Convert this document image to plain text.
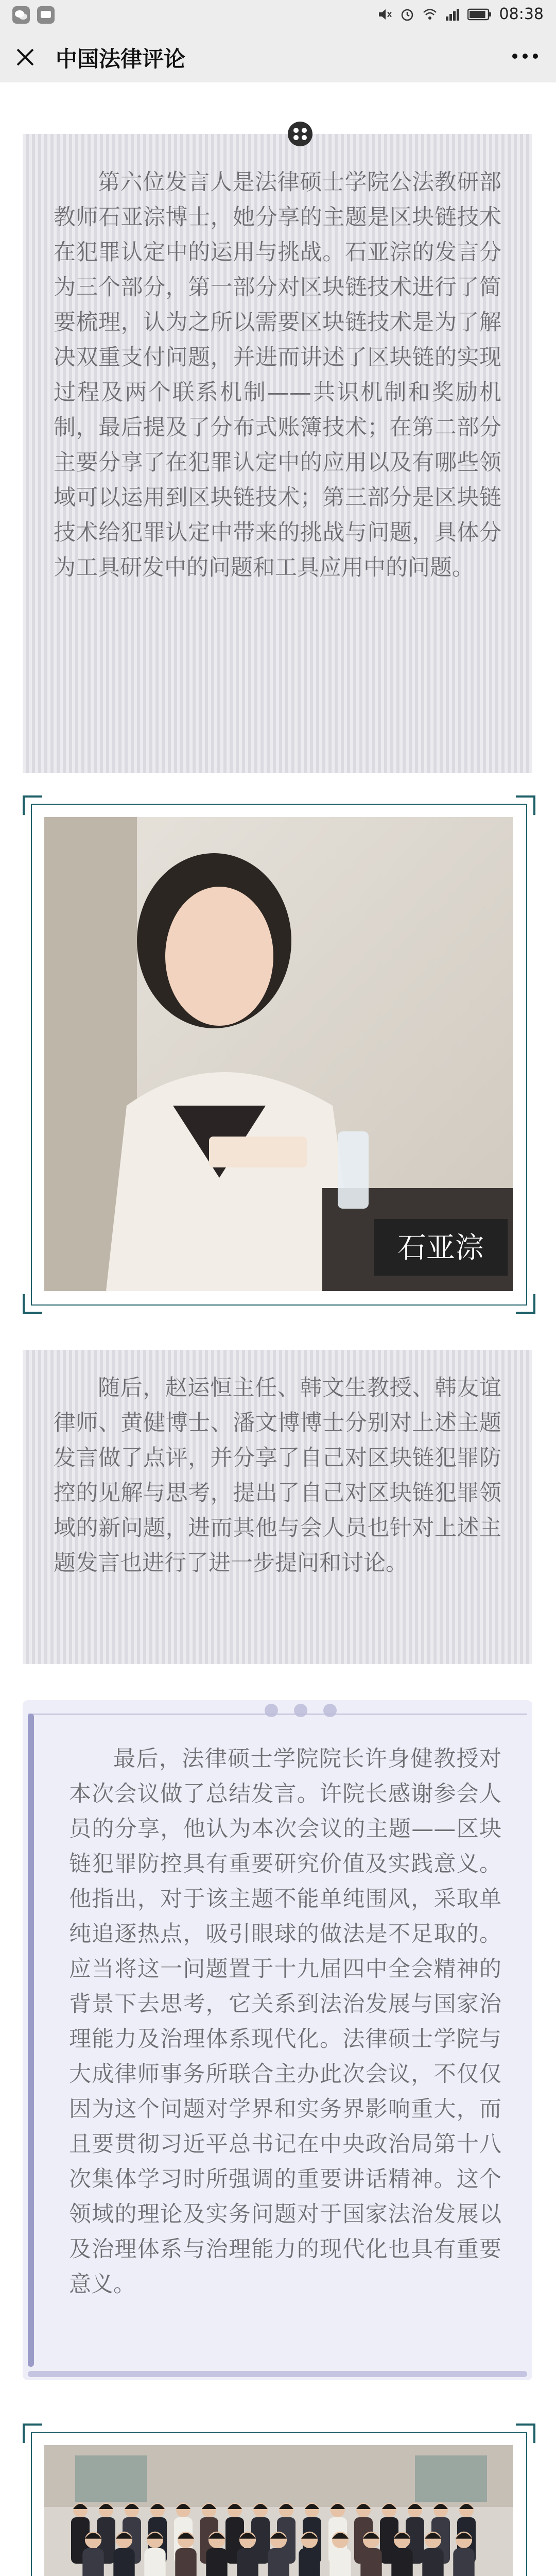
08:38
中国法律评论

第六位发言人是法律硕士学院公法教研部教师石亚淙博士，她分享的主题是区块链技术在犯罪认定中的运用与挑战。石亚淙的发言分为三个部分，第一部分对区块链技术进行了简要梳理，认为之所以需要区块链技术是为了解决双重支付问题，并进而讲述了区块链的实现过程及两个联系机制——共识机制和奖励机制，最后提及了分布式账簿技术；在第二部分主要分享了在犯罪认定中的应用以及有哪些领域可以运用到区块链技术；第三部分是区块链技术给犯罪认定中带来的挑战与问题，具体分为工具研发中的问题和工具应用中的问题。

石亚淙

随后，赵运恒主任、韩文生教授、韩友谊律师、黄健博士、潘文博博士分别对上述主题发言做了点评，并分享了自己对区块链犯罪防控的见解与思考，提出了自己对区块链犯罪领域的新问题，进而其他与会人员也针对上述主题发言也进行了进一步提问和讨论。

最后，法律硕士学院院长许身健教授对本次会议做了总结发言。许院长感谢参会人员的分享，他认为本次会议的主题——区块链犯罪防控具有重要研究价值及实践意义。他指出，对于该主题不能单纯围风，采取单纯追逐热点，吸引眼球的做法是不足取的。应当将这一问题置于十九届四中全会精神的背景下去思考，它关系到法治发展与国家治理能力及治理体系现代化。法律硕士学院与大成律师事务所联合主办此次会议，不仅仅因为这个问题对学界和实务界影响重大，而且要贯彻习近平总书记在中央政治局第十八次集体学习时所强调的重要讲话精神。这个领域的理论及实务问题对于国家法治发展以及治理体系与治理能力的现代化也具有重要意义。
